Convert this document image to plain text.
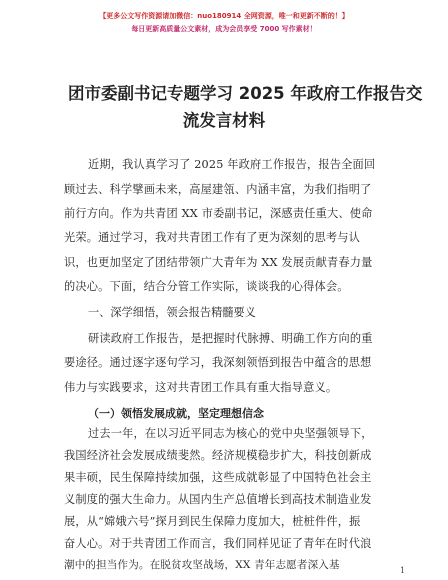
【更多公文写作资源请加微信：nuo180914 全网资源，唯一和更新不断的！】
每日更新高质量公文素材，成为会员享受 7000 写作素材！
团市委副书记专题学习 2025 年政府工作报告交
流发言材料
近期，我认真学习了 2025 年政府工作报告，报告全面回
顾过去、科学擘画未来，高屋建瓴、内涵丰富，为我们指明了
前行方向。作为共青团 XX 市委副书记，深感责任重大、使命
光荣。通过学习，我对共青团工作有了更为深刻的思考与认
识，也更加坚定了团结带领广大青年为 XX 发展贡献青春力量
的决心。下面，结合分管工作实际，谈谈我的心得体会。
一、深学细悟，领会报告精髓要义
研读政府工作报告，是把握时代脉搏、明确工作方向的重
要途径。通过逐字逐句学习，我深刻领悟到报告中蕴含的思想
伟力与实践要求，这对共青团工作具有重大指导意义。
（一）领悟发展成就，坚定理想信念
过去一年，在以习近平同志为核心的党中央坚强领导下，
我国经济社会发展成绩斐然。经济规模稳步扩大，科技创新成
果丰硕，民生保障持续加强，这些成就彰显了中国特色社会主
义制度的强大生命力。从国内生产总值增长到高技术制造业发
展，从“嫦娥六号”探月到民生保障力度加大，桩桩件件，振
奋人心。对于共青团工作而言，我们同样见证了青年在时代浪
潮中的担当作为。在脱贫攻坚战场，XX 青年志愿者深入基	1
